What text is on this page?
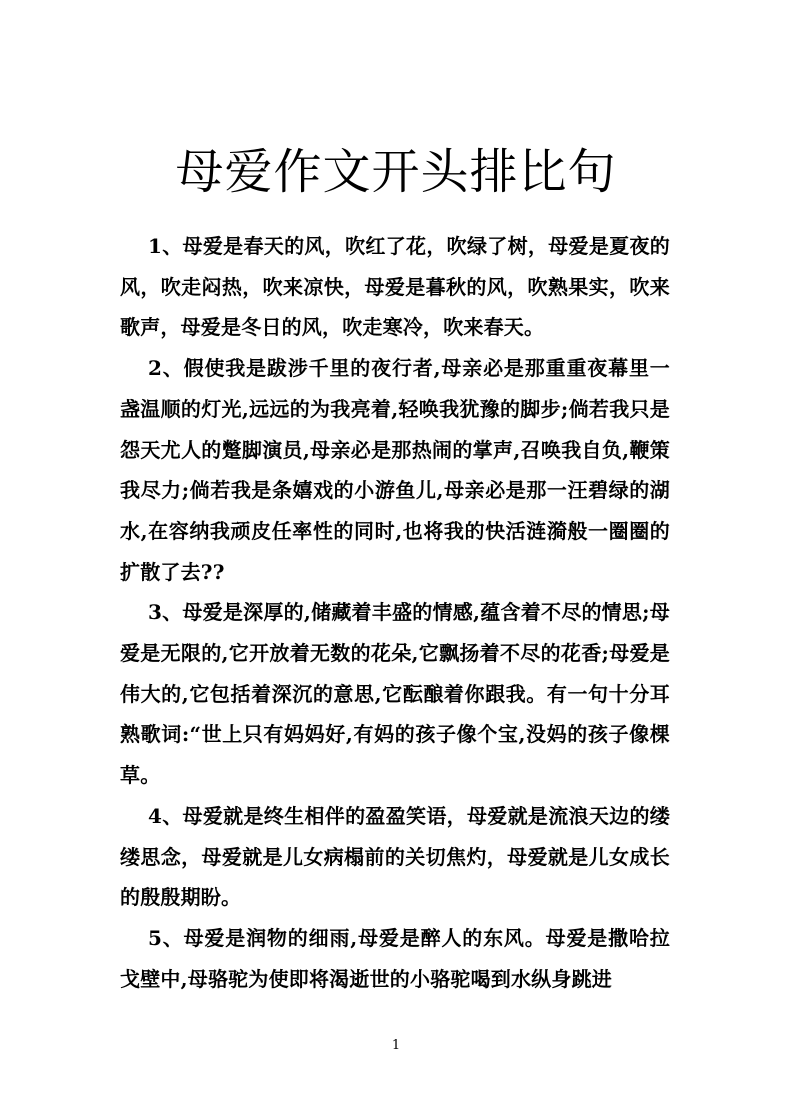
母爱作文开头排比句

1、母爱是春天的风，吹红了花，吹绿了树，母爱是夏夜的风，吹走闷热，吹来凉快，母爱是暮秋的风，吹熟果实，吹来歌声，母爱是冬日的风，吹走寒冷，吹来春天。

2、假使我是跋涉千里的夜行者,母亲必是那重重夜幕里一盏温顺的灯光,远远的为我亮着,轻唤我犹豫的脚步;倘若我只是怨天尤人的蹩脚演员,母亲必是那热闹的掌声,召唤我自负,鞭策我尽力;倘若我是条嬉戏的小游鱼儿,母亲必是那一汪碧绿的湖水,在容纳我顽皮任率性的同时,也将我的快活涟漪般一圈圈的扩散了去??

3、母爱是深厚的,储藏着丰盛的情感,蕴含着不尽的情思;母爱是无限的,它开放着无数的花朵,它飘扬着不尽的花香;母爱是伟大的,它包括着深沉的意思,它酝酿着你跟我。有一句十分耳熟歌词:“世上只有妈妈好,有妈的孩子像个宝,没妈的孩子像棵草。

4、母爱就是终生相伴的盈盈笑语，母爱就是流浪天边的缕缕思念，母爱就是儿女病榻前的关切焦灼，母爱就是儿女成长的殷殷期盼。

5、母爱是润物的细雨,母爱是醉人的东风。母爱是撒哈拉戈壁中,母骆驼为使即将渴逝世的小骆驼喝到水纵身跳进

1
